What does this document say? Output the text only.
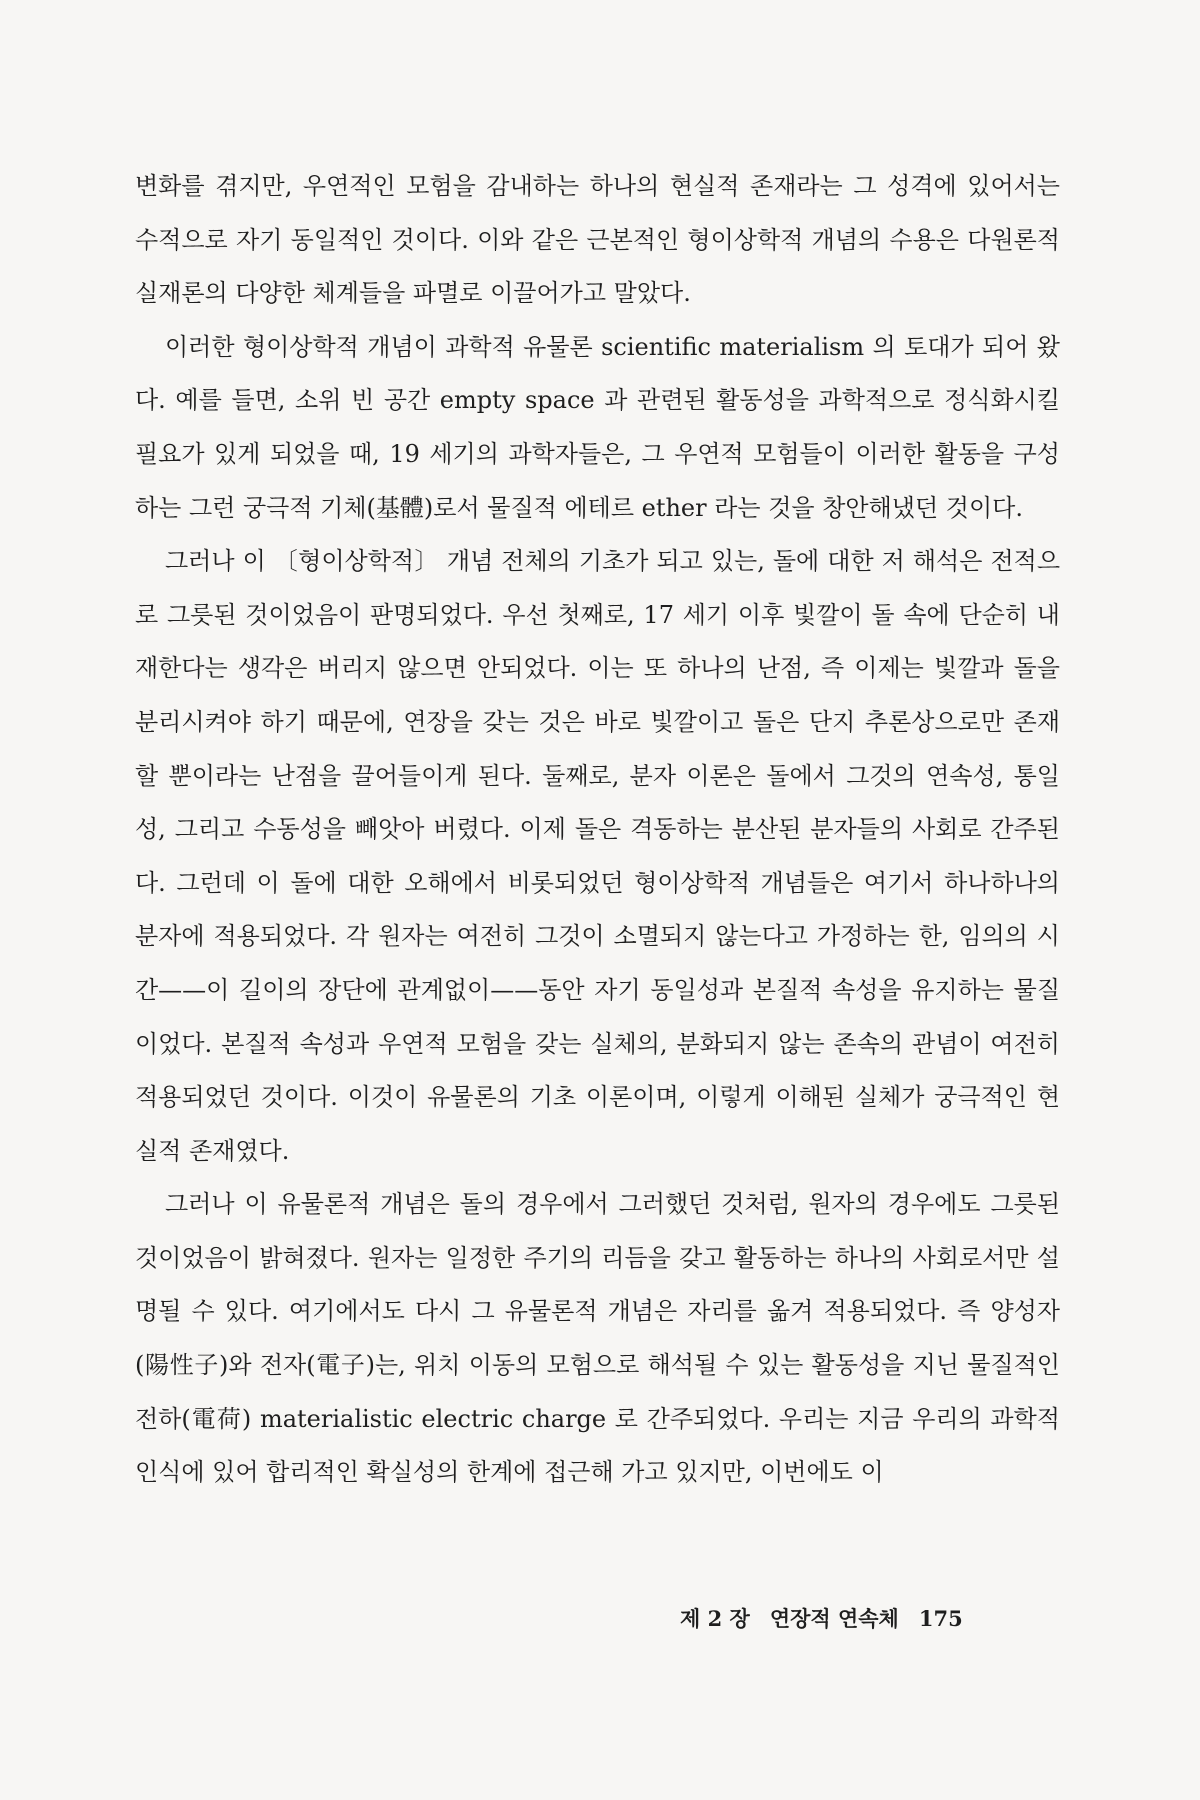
변화를 겪지만, 우연적인 모험을 감내하는 하나의 현실적 존재라는 그 성격에 있어서는 수적으로 자기 동일적인 것이다. 이와 같은 근본적인 형이상학적 개념의 수용은 다원론적 실재론의 다양한 체계들을 파멸로 이끌어가고 말았다.

이러한 형이상학적 개념이 과학적 유물론 scientific materialism 의 토대가 되어 왔다. 예를 들면, 소위 빈 공간 empty space 과 관련된 활동성을 과학적으로 정식화시킬 필요가 있게 되었을 때, 19 세기의 과학자들은, 그 우연적 모험들이 이러한 활동을 구성하는 그런 궁극적 기체(基體)로서 물질적 에테르 ether 라는 것을 창안해냈던 것이다.

그러나 이 〔형이상학적〕 개념 전체의 기초가 되고 있는, 돌에 대한 저 해석은 전적으로 그릇된 것이었음이 판명되었다. 우선 첫째로, 17 세기 이후 빛깔이 돌 속에 단순히 내재한다는 생각은 버리지 않으면 안되었다. 이는 또 하나의 난점, 즉 이제는 빛깔과 돌을 분리시켜야 하기 때문에, 연장을 갖는 것은 바로 빛깔이고 돌은 단지 추론상으로만 존재할 뿐이라는 난점을 끌어들이게 된다. 둘째로, 분자 이론은 돌에서 그것의 연속성, 통일성, 그리고 수동성을 빼앗아 버렸다. 이제 돌은 격동하는 분산된 분자들의 사회로 간주된다. 그런데 이 돌에 대한 오해에서 비롯되었던 형이상학적 개념들은 여기서 하나하나의 분자에 적용되었다. 각 원자는 여전히 그것이 소멸되지 않는다고 가정하는 한, 임의의 시간——이 길이의 장단에 관계없이——동안 자기 동일성과 본질적 속성을 유지하는 물질이었다. 본질적 속성과 우연적 모험을 갖는 실체의, 분화되지 않는 존속의 관념이 여전히 적용되었던 것이다. 이것이 유물론의 기초 이론이며, 이렇게 이해된 실체가 궁극적인 현실적 존재였다.

그러나 이 유물론적 개념은 돌의 경우에서 그러했던 것처럼, 원자의 경우에도 그릇된 것이었음이 밝혀졌다. 원자는 일정한 주기의 리듬을 갖고 활동하는 하나의 사회로서만 설명될 수 있다. 여기에서도 다시 그 유물론적 개념은 자리를 옮겨 적용되었다. 즉 양성자(陽性子)와 전자(電子)는, 위치 이동의 모험으로 해석될 수 있는 활동성을 지닌 물질적인 전하(電荷) materialistic electric charge 로 간주되었다. 우리는 지금 우리의 과학적 인식에 있어 합리적인 확실성의 한계에 접근해 가고 있지만, 이번에도 이

제 2 장 연장적 연속체 175
